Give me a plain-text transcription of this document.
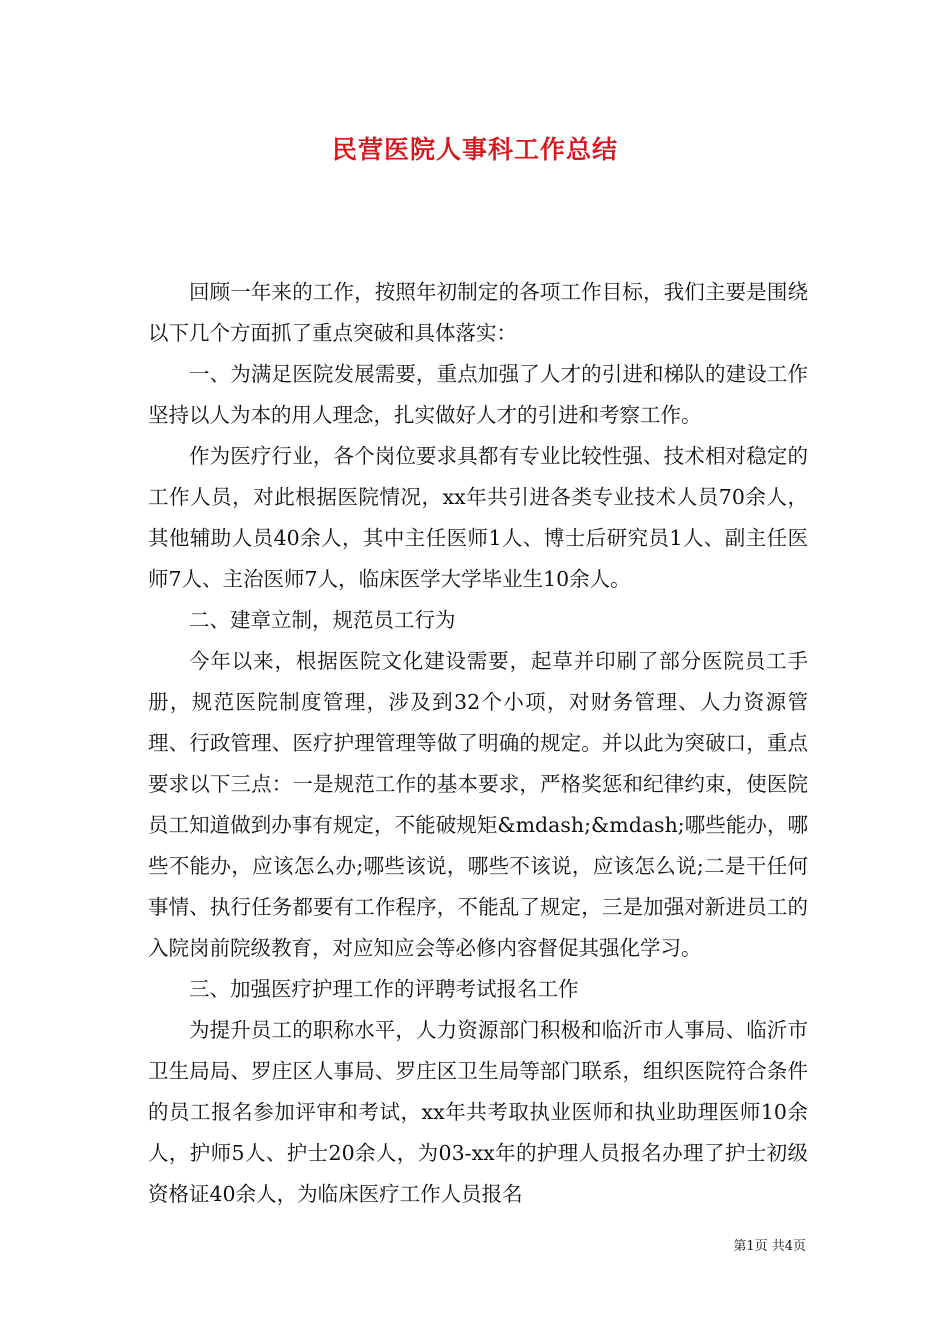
民营医院人事科工作总结

回顾一年来的工作，按照年初制定的各项工作目标，我们主要是围绕以下几个方面抓了重点突破和具体落实：

一、为满足医院发展需要，重点加强了人才的引进和梯队的建设工作坚持以人为本的用人理念，扎实做好人才的引进和考察工作。

作为医疗行业，各个岗位要求具都有专业比较性强、技术相对稳定的工作人员，对此根据医院情况，xx年共引进各类专业技术人员70余人，其他辅助人员40余人，其中主任医师1人、博士后研究员1人、副主任医师7人、主治医师7人，临床医学大学毕业生10余人。

二、建章立制，规范员工行为

今年以来，根据医院文化建设需要，起草并印刷了部分医院员工手册，规范医院制度管理，涉及到32个小项，对财务管理、人力资源管理、行政管理、医疗护理管理等做了明确的规定。并以此为突破口，重点要求以下三点：一是规范工作的基本要求，严格奖惩和纪律约束，使医院员工知道做到办事有规定，不能破规矩&mdash;&mdash;哪些能办，哪些不能办，应该怎么办;哪些该说，哪些不该说，应该怎么说;二是干任何事情、执行任务都要有工作程序，不能乱了规定，三是加强对新进员工的入院岗前院级教育，对应知应会等必修内容督促其强化学习。

三、加强医疗护理工作的评聘考试报名工作

为提升员工的职称水平，人力资源部门积极和临沂市人事局、临沂市卫生局局、罗庄区人事局、罗庄区卫生局等部门联系，组织医院符合条件的员工报名参加评审和考试，xx年共考取执业医师和执业助理医师10余人，护师5人、护士20余人，为03-xx年的护理人员报名办理了护士初级资格证40余人，为临床医疗工作人员报名

第1页 共4页
